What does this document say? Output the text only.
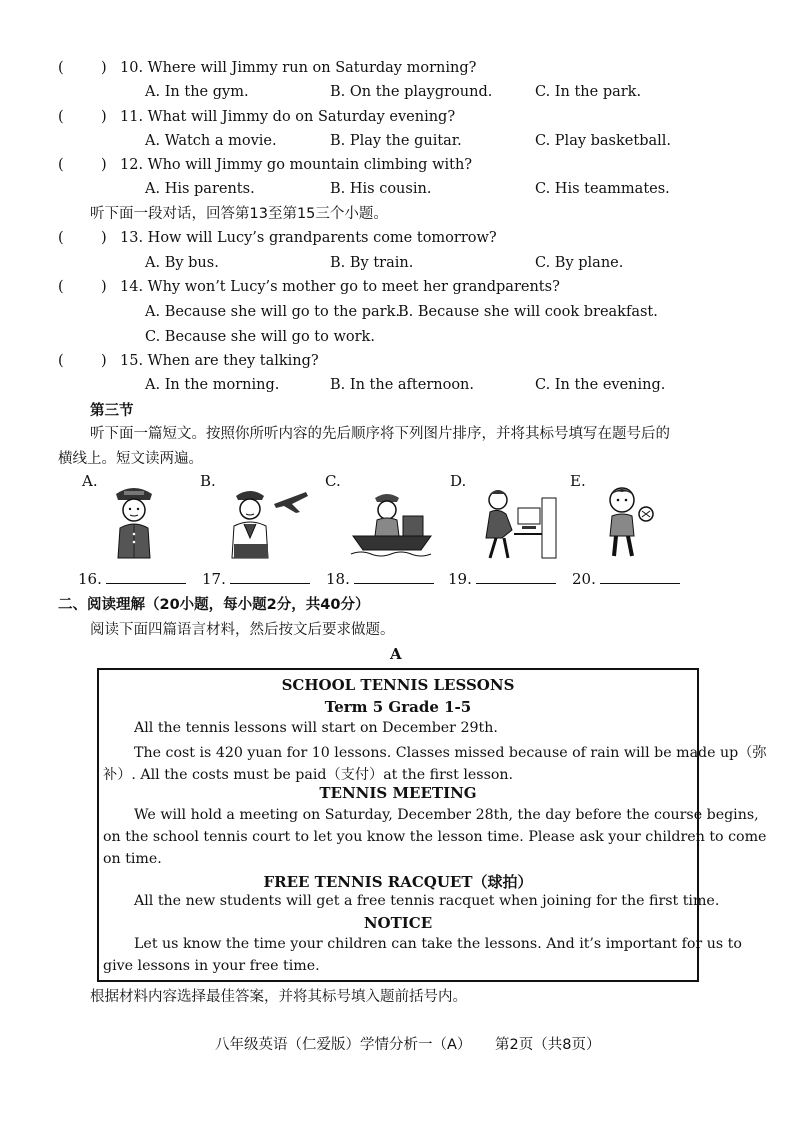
(	) 10. Where will Jimmy run on Saturday morning?
A. In the gym.	B. On the playground.	C. In the park.
(	) 11. What will Jimmy do on Saturday evening?
A. Watch a movie.	B. Play the guitar.	C. Play basketball.
(	) 12. Who will Jimmy go mountain climbing with?
A. His parents.	B. His cousin.	C. His teammates.
听下面一段对话，回答第13至第15三个小题。
(	) 13. How will Lucy’s grandparents come tomorrow?
A. By bus.	B. By train.	C. By plane.
(	) 14. Why won’t Lucy’s mother go to meet her grandparents?
A. Because she will go to the park.
B. Because she will cook breakfast.
C. Because she will go to work.
(	) 15. When are they talking?
A. In the morning.	B. In the afternoon.	C. In the evening.
第三节
听下面一篇短文。按照你所听内容的先后顺序将下列图片排序，并将其标号填写在题号后的
横线上。短文读两遍。
A.	B.	C.	D.	E.
16.	17.	18.	19.	20.
二、阅读理解（20小题，每小题2分，共40分）
阅读下面四篇语言材料，然后按文后要求做题。
A
SCHOOL TENNIS LESSONS
Term 5 Grade 1-5
All the tennis lessons will start on December 29th.
The cost is 420 yuan for 10 lessons. Classes missed because of rain will be made up（弥
补）. All the costs must be paid（支付）at the first lesson.
TENNIS MEETING
We will hold a meeting on Saturday, December 28th, the day before the course begins,
on the school tennis court to let you know the lesson time. Please ask your children to come
on time.
FREE TENNIS RACQUET（球拍）
All the new students will get a free tennis racquet when joining for the first time.
NOTICE
Let us know the time your children can take the lessons. And it’s important for us to
give lessons in your free time.
根据材料内容选择最佳答案，并将其标号填入题前括号内。
八年级英语（仁爱版） 学情分析一（A） 第2页（共8页）
